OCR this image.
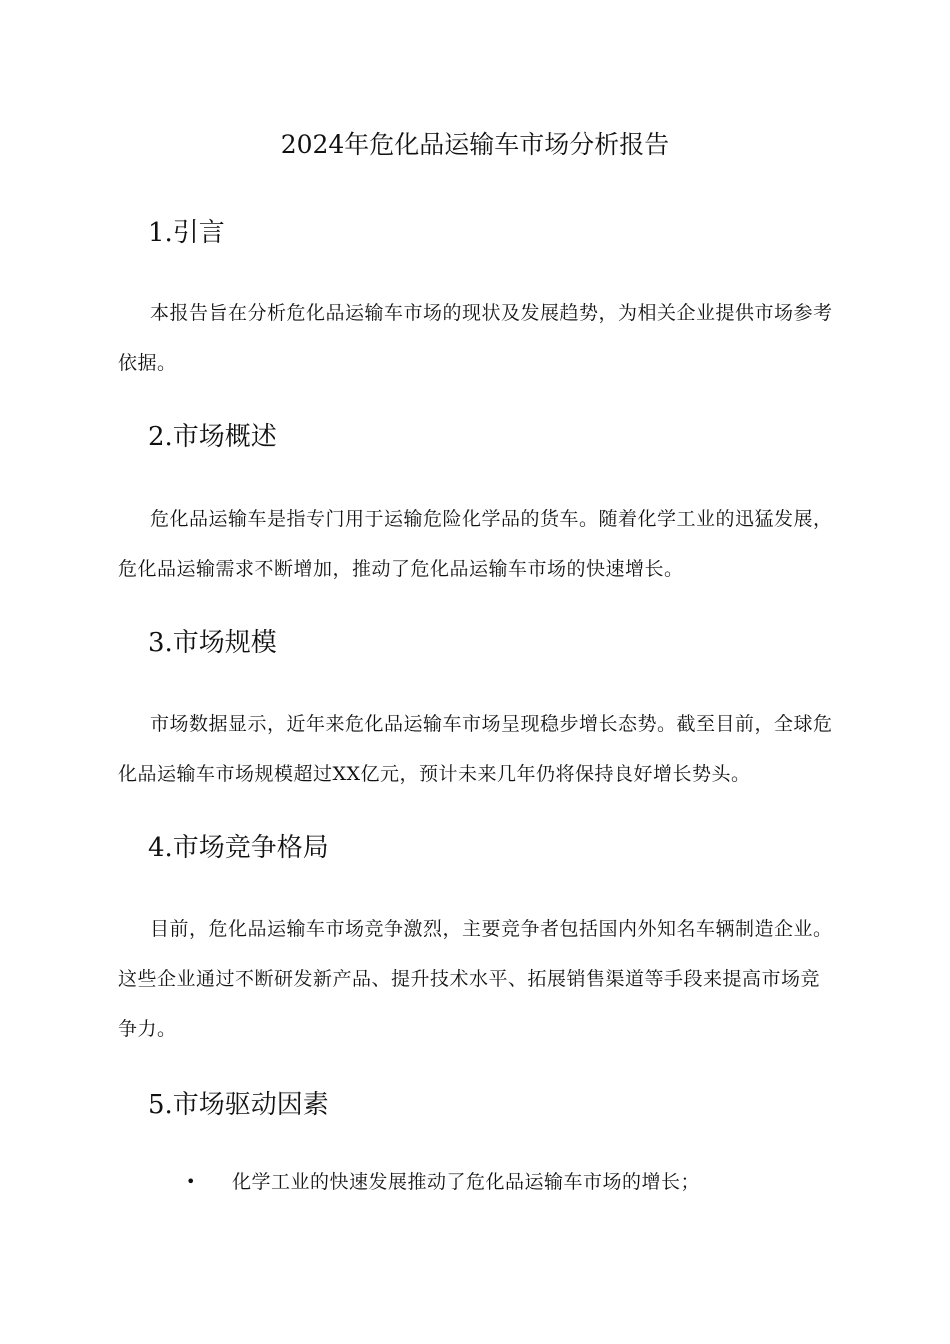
2024年危化品运输车市场分析报告
1.引言

本报告旨在分析危化品运输车市场的现状及发展趋势，为相关企业提供市场参考依据。

2.市场概述

危化品运输车是指专门用于运输危险化学品的货车。随着化学工业的迅猛发展，危化品运输需求不断增加，推动了危化品运输车市场的快速增长。

3.市场规模

市场数据显示，近年来危化品运输车市场呈现稳步增长态势。截至目前，全球危化品运输车市场规模超过XX亿元，预计未来几年仍将保持良好增长势头。

4.市场竞争格局

目前，危化品运输车市场竞争激烈，主要竞争者包括国内外知名车辆制造企业。这些企业通过不断研发新产品、提升技术水平、拓展销售渠道等手段来提高市场竞争力。

5.市场驱动因素
• 化学工业的快速发展推动了危化品运输车市场的增长；
